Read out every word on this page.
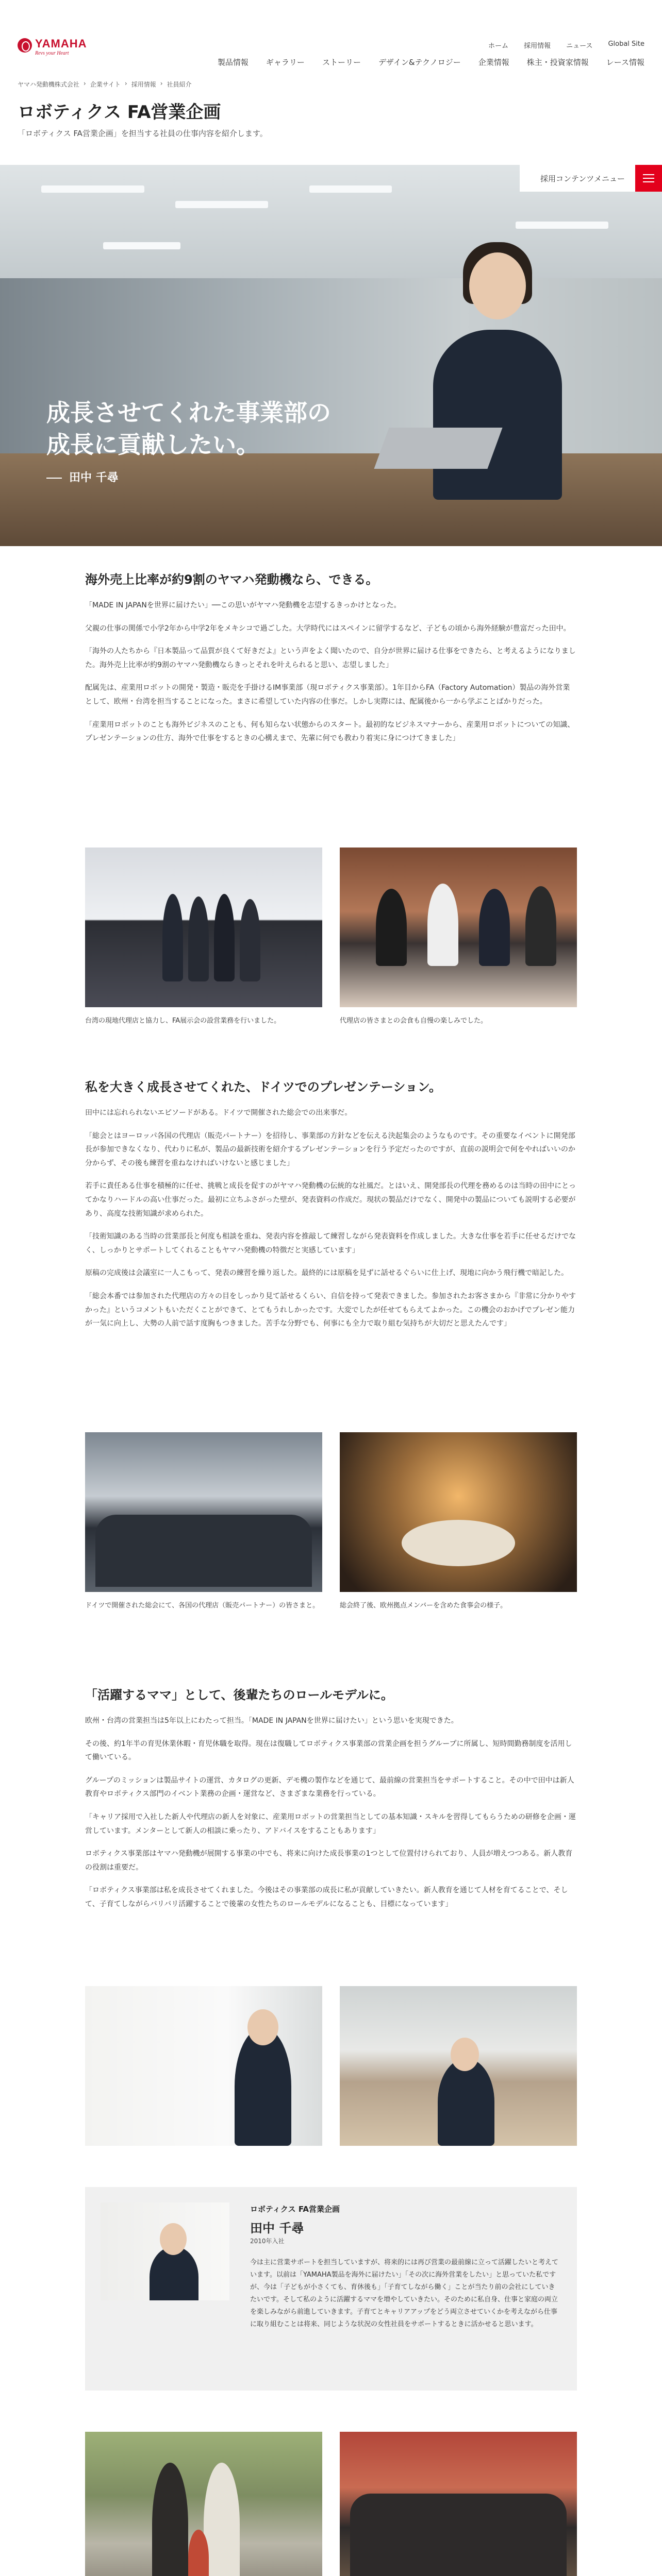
YAMAHA
Revs your Heart
ホーム 採用情報 ニュース Global Site
製品情報 ギャラリー ストーリー デザイン&テクノロジー 企業情報 株主・投資家情報 レース情報
ヤマハ発動機株式会社 › 企業サイト › 採用情報 › 社員紹介
ロボティクス FA営業企画
「ロボティクス FA営業企画」を担当する社員の仕事内容を紹介します。
採用コンテンツメニュー
成長させてくれた事業部の
成長に貢献したい。
田中 千尋
海外売上比率が約9割のヤマハ発動機なら、できる。

「MADE IN JAPANを世界に届けたい」──この思いがヤマハ発動機を志望するきっかけとなった。

父親の仕事の関係で小学2年から中学2年をメキシコで過ごした。大学時代にはスペインに留学するなど、子どもの頃から海外経験が豊富だった田中。

「海外の人たちから『日本製品って品質が良くて好きだよ』という声をよく聞いたので、自分が世界に届ける仕事をできたら、と考えるようになりました。海外売上比率が約9割のヤマハ発動機ならきっとそれを叶えられると思い、志望しました」

配属先は、産業用ロボットの開発・製造・販売を手掛けるIM事業部（現ロボティクス事業部）。1年目からFA（Factory Automation）製品の海外営業として、欧州・台湾を担当することになった。まさに希望していた内容の仕事だ。しかし実際には、配属後から一から学ぶことばかりだった。

「産業用ロボットのことも海外ビジネスのことも、何も知らない状態からのスタート。最初的なビジネスマナーから、産業用ロボットについての知識、プレゼンテーションの仕方、海外で仕事をするときの心構えまで、先輩に何でも教わり着実に身につけてきました」

台湾の現地代理店と協力し、FA展示会の設営業務を行いました。	代理店の皆さまとの会食も自慢の楽しみでした。
私を大きく成長させてくれた、ドイツでのプレゼンテーション。

田中には忘れられないエピソードがある。ドイツで開催された総会での出来事だ。

「総会とはヨーロッパ各国の代理店（販売パートナー）を招待し、事業部の方針などを伝える決起集会のようなものです。その重要なイベントに開発部長が参加できなくなり、代わりに私が、製品の最新技術を紹介するプレゼンテーションを行う予定だったのですが、直前の説明会で何をやればいいのか分からず、その後も練習を重ねなければいけないと感じました」

若手に責任ある仕事を積極的に任せ、挑戦と成長を促すのがヤマハ発動機の伝統的な社風だ。とはいえ、開発部長の代理を務めるのは当時の田中にとってかなりハードルの高い仕事だった。最初に立ちふさがった壁が、発表資料の作成だ。現状の製品だけでなく、開発中の製品についても説明する必要があり、高度な技術知識が求められた。

「技術知識のある当時の営業部長と何度も相談を重ね、発表内容を推敲して練習しながら発表資料を作成しました。大きな仕事を若手に任せるだけでなく、しっかりとサポートしてくれることもヤマハ発動機の特徴だと実感しています」

原稿の完成後は会議室に一人こもって、発表の練習を繰り返した。最終的には原稿を見ずに話せるぐらいに仕上げ、現地に向かう飛行機で暗記した。

「総会本番では参加された代理店の方々の目をしっかり見て話せるくらい、自信を持って発表できました。参加されたお客さまから『非常に分かりやすかった』というコメントもいただくことができて、とてもうれしかったです。大変でしたが任せてもらえてよかった。この機会のおかげでプレゼン能力が一気に向上し、大勢の人前で話す度胸もつきました。苦手な分野でも、何事にも全力で取り組む気持ちが大切だと思えたんです」

ドイツで開催された総会にて、各国の代理店（販売パートナー）の皆さまと。	総会終了後、欧州拠点メンバーを含めた食事会の様子。
「活躍するママ」として、後輩たちのロールモデルに。

欧州・台湾の営業担当は5年以上にわたって担当。「MADE IN JAPANを世界に届けたい」という思いを実現できた。

その後、約1年半の育児休業休暇・育児休職を取得。現在は復職してロボティクス事業部の営業企画を担うグループに所属し、短時間勤務制度を活用して働いている。

グループのミッションは製品サイトの運営、カタログの更新、デモ機の製作などを通じて、最前線の営業担当をサポートすること。その中で田中は新人教育やロボティクス部門のイベント業務の企画・運営など、さまざまな業務を行っている。

「キャリア採用で入社した新人や代理店の新人を対象に、産業用ロボットの営業担当としての基本知識・スキルを習得してもらうための研修を企画・運営しています。メンターとして新人の相談に乗ったり、アドバイスをすることもあります」

ロボティクス事業部はヤマハ発動機が展開する事業の中でも、将来に向けた成長事業の1つとして位置付けられており、人員が増えつつある。新人教育の役割は重要だ。

「ロボティクス事業部は私を成長させてくれました。今後はその事業部の成長に私が貢献していきたい。新人教育を通じて人材を育てることで、そして、子育てしながらバリバリ活躍することで後輩の女性たちのロールモデルになることも、目標になっています」

ロボティクス FA営業企画
田中 千尋
2010年入社
今は主に営業サポートを担当していますが、将来的には再び営業の最前線に立って活躍したいと考えています。以前は「YAMAHA製品を海外に届けたい」「その次に海外営業をしたい」と思っていた私ですが、今は「子どもが小さくても、育休後も」「子育てしながら働く」ことが当たり前の会社にしていきたいです。そして私のように活躍するママを増やしていきたい。そのために私自身、仕事と家庭の両立を楽しみながら前進していきます。子育てとキャリアアップをどう両立させていくかを考えながら仕事に取り組むことは将来、同じような状況の女性社員をサポートするときに活かせると思います。
